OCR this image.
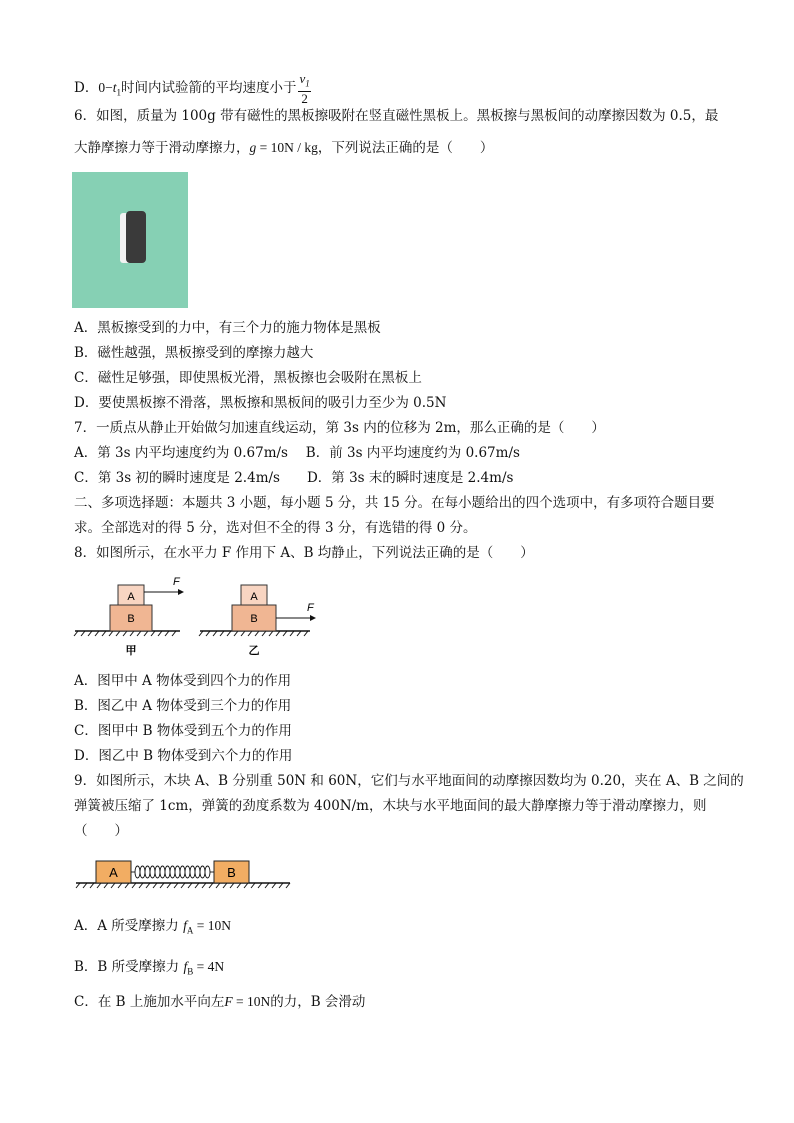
D．$0-t_1$时间内试验箭的平均速度小于 $\frac{v_1}{2}$
6．如图，质量为 100g 带有磁性的黑板擦吸附在竖直磁性黑板上。黑板擦与黑板间的动摩擦因数为 0.5，最
大静摩擦力等于滑动摩擦力，g = 10N / kg，下列说法正确的是（　　）
A．黑板擦受到的力中，有三个力的施力物体是黑板
B．磁性越强，黑板擦受到的摩擦力越大
C．磁性足够强，即使黑板光滑，黑板擦也会吸附在黑板上
D．要使黑板擦不滑落，黑板擦和黑板间的吸引力至少为 0.5N
7．一质点从静止开始做匀加速直线运动，第 3s 内的位移为 2m，那么正确的是（　　）
A．第 3s 内平均速度约为 0.67m/s　 B．前 3s 内平均速度约为 0.67m/s
C．第 3s 初的瞬时速度是 2.4m/s　　D．第 3s 末的瞬时速度是 2.4m/s
二、多项选择题：本题共 3 小题，每小题 5 分，共 15 分。在每小题给出的四个选项中，有多项符合题目要
求。全部选对的得 5 分，选对但不全的得 3 分，有选错的得 0 分。
8．如图所示，在水平力 F 作用下 A、B 均静止，下列说法正确的是（　　）
A
B
F
甲
A
B
F
乙
A．图甲中 A 物体受到四个力的作用
B．图乙中 A 物体受到三个力的作用
C．图甲中 B 物体受到五个力的作用
D．图乙中 B 物体受到六个力的作用
9．如图所示，木块 A、B 分别重 50N 和 60N，它们与水平地面间的动摩擦因数均为 0.20，夹在 A、B 之间的
弹簧被压缩了 1cm，弹簧的劲度系数为 400N/m，木块与水平地面间的最大静摩擦力等于滑动摩擦力，则
（　　）
A	B
A．A 所受摩擦力 $f_A = 10N$
B．B 所受摩擦力 $f_B = 4N$
C．在 B 上施加水平向左F = 10N的力，B 会滑动
